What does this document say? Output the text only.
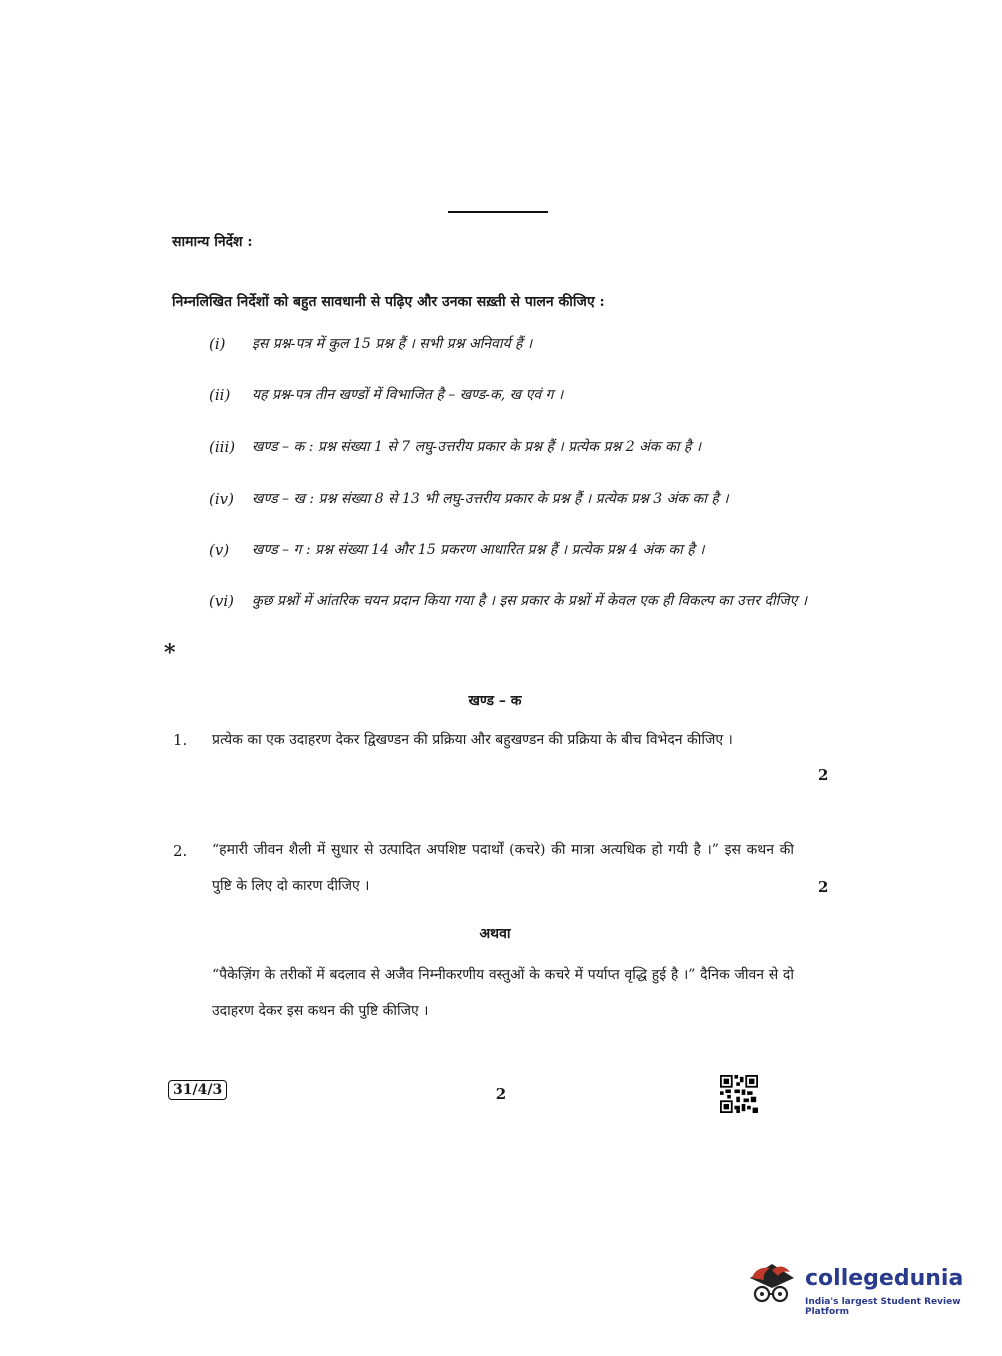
सामान्य निर्देश :
निम्नलिखित निर्देशों को बहुत सावधानी से पढ़िए और उनका सख़्ती से पालन कीजिए :
(i) इस प्रश्न-पत्र में कुल 15 प्रश्न हैं । सभी प्रश्न अनिवार्य हैं ।
(ii) यह प्रश्न-पत्र तीन खण्डों में विभाजित है – खण्ड-क, ख एवं ग ।
(iii) खण्ड – क : प्रश्न संख्या 1 से 7 लघु-उत्तरीय प्रकार के प्रश्न हैं । प्रत्येक प्रश्न 2 अंक का है ।
(iv) खण्ड – ख : प्रश्न संख्या 8 से 13 भी लघु-उत्तरीय प्रकार के प्रश्न हैं । प्रत्येक प्रश्न 3 अंक का है ।
(v) खण्ड – ग : प्रश्न संख्या 14 और 15 प्रकरण आधारित प्रश्न हैं । प्रत्येक प्रश्न 4 अंक का है ।
(vi) कुछ प्रश्नों में आंतरिक चयन प्रदान किया गया है । इस प्रकार के प्रश्नों में केवल एक ही विकल्प का उत्तर दीजिए ।
*
खण्ड – क
1. प्रत्येक का एक उदाहरण देकर द्विखण्डन की प्रक्रिया और बहुखण्डन की प्रक्रिया के बीच विभेदन कीजिए ।
2
2. “हमारी जीवन शैली में सुधार से उत्पादित अपशिष्ट पदार्थों (कचरे) की मात्रा अत्यधिक हो गयी है ।” इस कथन की पुष्टि के लिए दो कारण दीजिए ।	2
अथवा
“पैकेज़िंग के तरीकों में बदलाव से अजैव निम्नीकरणीय वस्तुओं के कचरे में पर्याप्त वृद्धि हुई है ।” दैनिक जीवन से दो उदाहरण देकर इस कथन की पुष्टि कीजिए ।
31/4/3	2
collegedunia
India's largest Student Review Platform
